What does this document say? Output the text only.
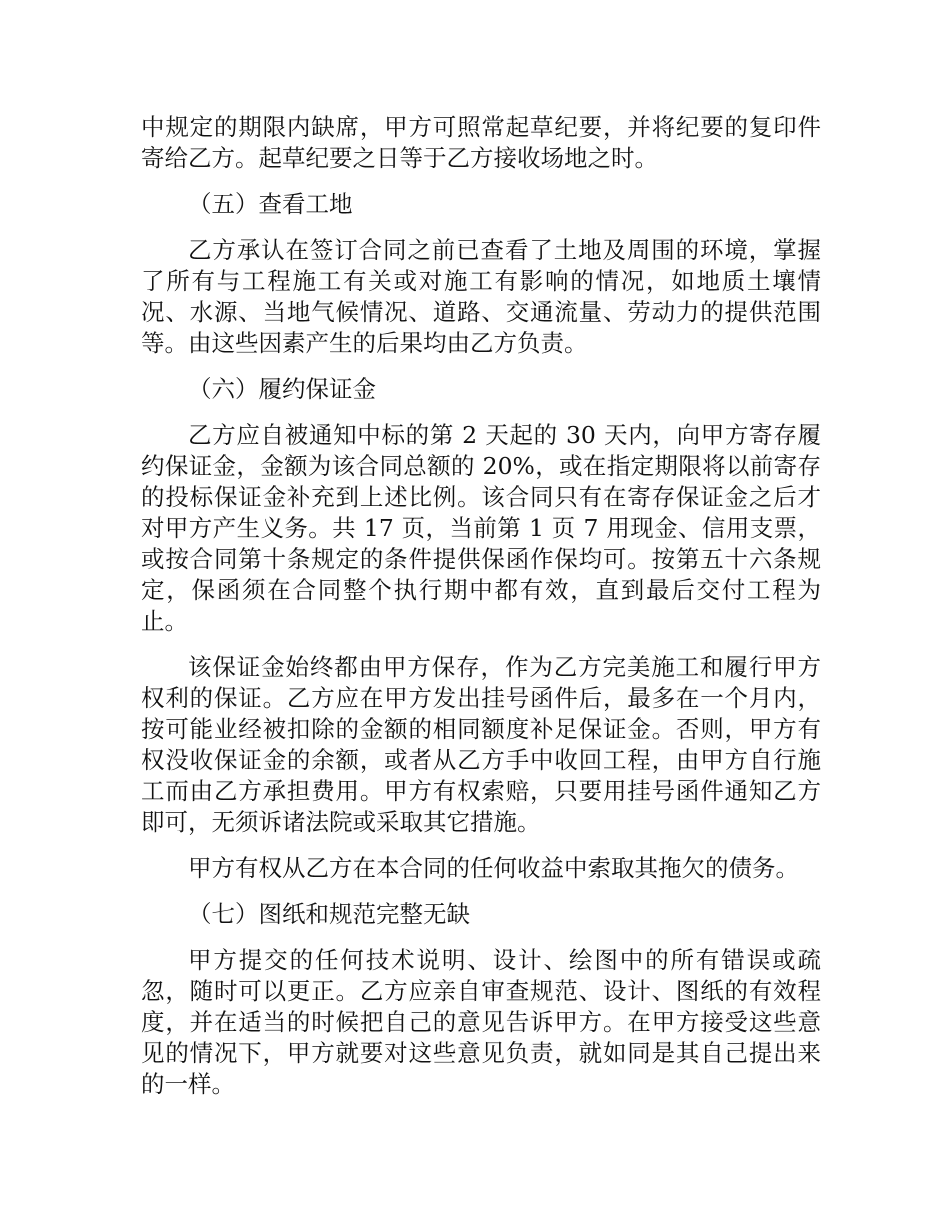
中规定的期限内缺席，甲方可照常起草纪要，并将纪要的复印件寄给乙方。起草纪要之日等于乙方接收场地之时。

（五）查看工地

乙方承认在签订合同之前已查看了土地及周围的环境，掌握了所有与工程施工有关或对施工有影响的情况，如地质土壤情况、水源、当地气候情况、道路、交通流量、劳动力的提供范围等。由这些因素产生的后果均由乙方负责。

（六）履约保证金

乙方应自被通知中标的第 2 天起的 30 天内，向甲方寄存履约保证金，金额为该合同总额的 20%，或在指定期限将以前寄存的投标保证金补充到上述比例。该合同只有在寄存保证金之后才对甲方产生义务。共 17 页，当前第 1 页 7 用现金、信用支票，或按合同第十条规定的条件提供保函作保均可。按第五十六条规定，保函须在合同整个执行期中都有效，直到最后交付工程为止。

该保证金始终都由甲方保存，作为乙方完美施工和履行甲方权利的保证。乙方应在甲方发出挂号函件后，最多在一个月内，按可能业经被扣除的金额的相同额度补足保证金。否则，甲方有权没收保证金的余额，或者从乙方手中收回工程，由甲方自行施工而由乙方承担费用。甲方有权索赔，只要用挂号函件通知乙方即可，无须诉诸法院或采取其它措施。

甲方有权从乙方在本合同的任何收益中索取其拖欠的债务。

（七）图纸和规范完整无缺

甲方提交的任何技术说明、设计、绘图中的所有错误或疏忽，随时可以更正。乙方应亲自审查规范、设计、图纸的有效程度，并在适当的时候把自己的意见告诉甲方。在甲方接受这些意见的情况下，甲方就要对这些意见负责，就如同是其自己提出来的一样。
